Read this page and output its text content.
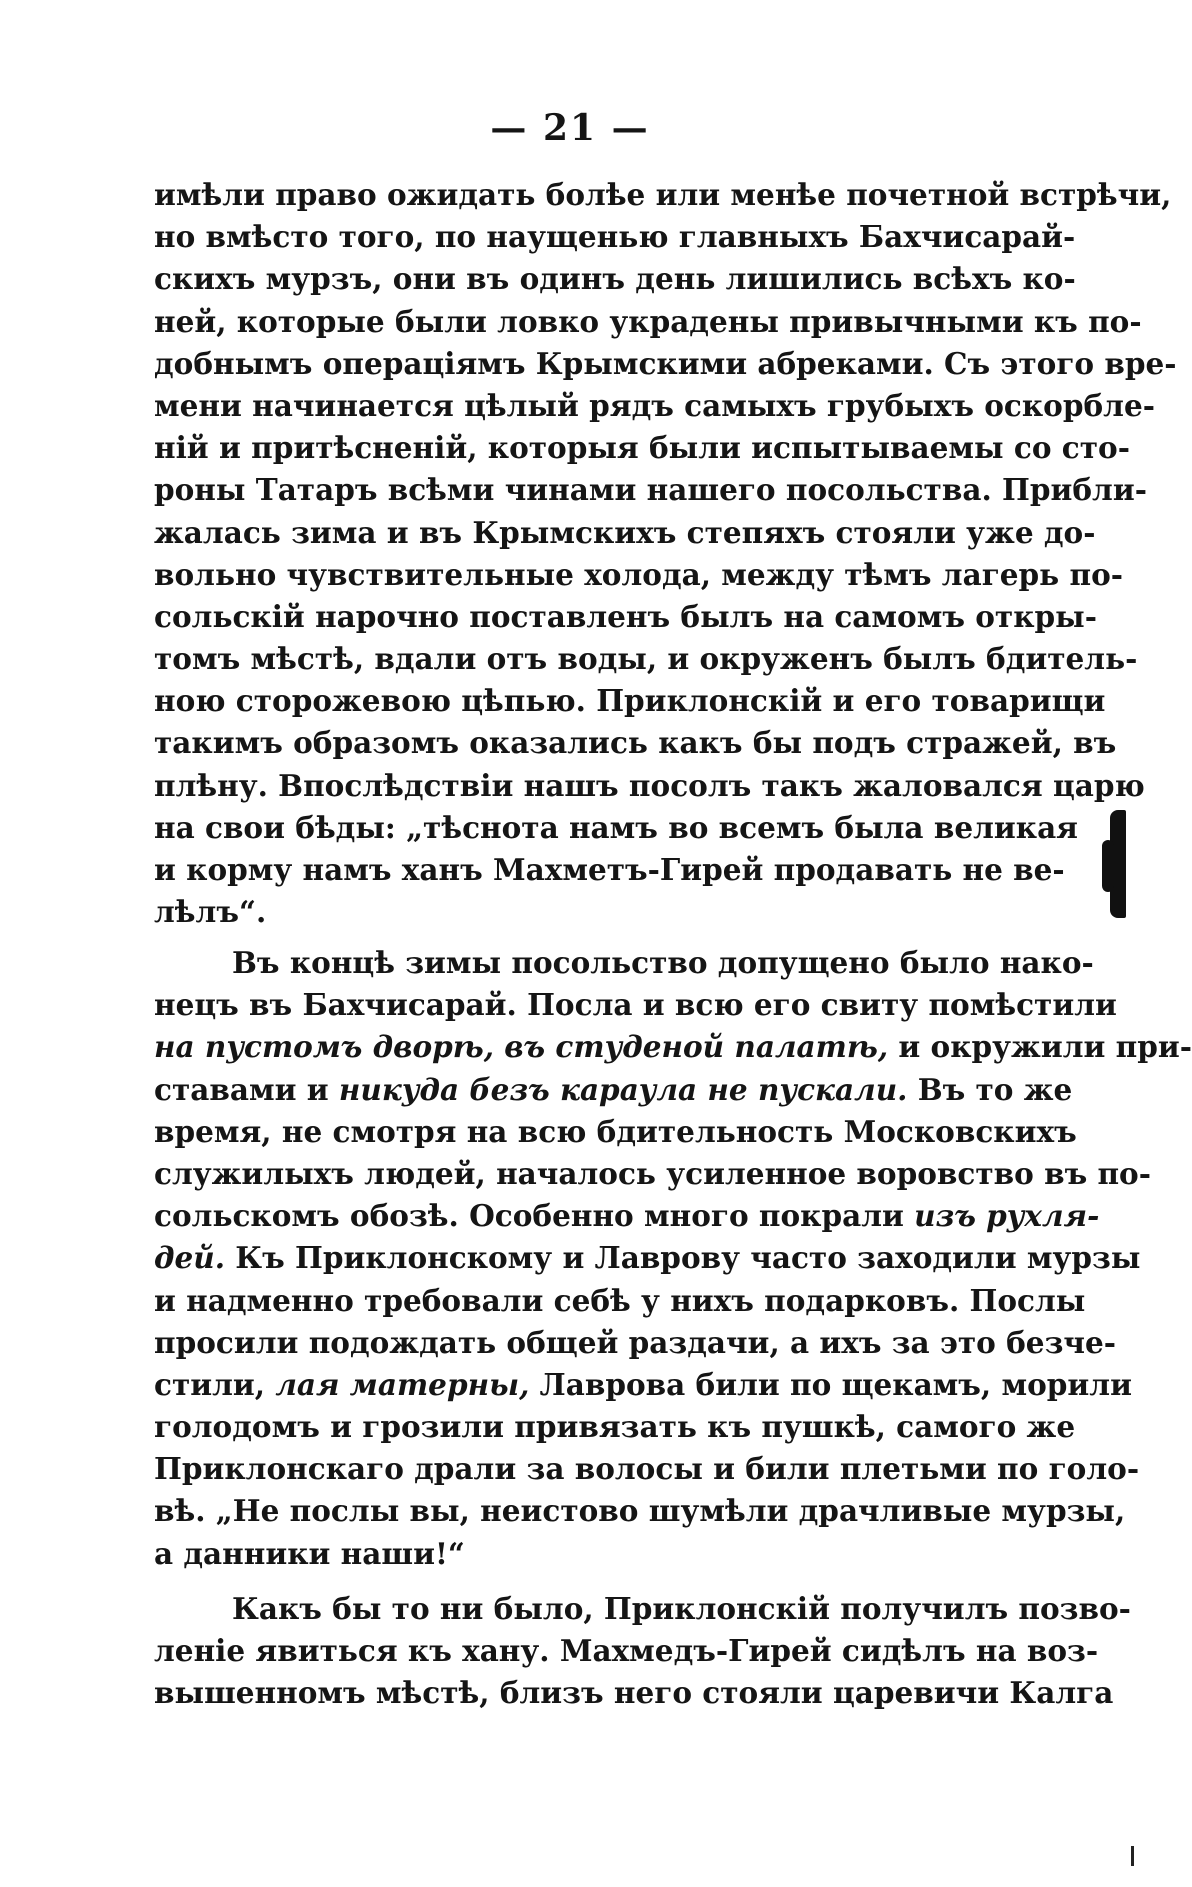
— 21 —
имѣли право ожидать болѣе или менѣе почетной встрѣчи,
но вмѣсто того, по наущенью главныхъ Бахчисарай-
скихъ мурзъ, они въ одинъ день лишились всѣхъ ко-
ней, которые были ловко украдены привычными къ по-
добнымъ операціямъ Крымскими абреками. Съ этого вре-
мени начинается цѣлый рядъ самыхъ грубыхъ оскорбле-
ній и притѣсненій, которыя были испытываемы со сто-
роны Татаръ всѣми чинами нашего посольства. Прибли-
жалась зима и въ Крымскихъ степяхъ стояли уже до-
вольно чувствительные холода, между тѣмъ лагерь по-
сольскій нарочно поставленъ былъ на самомъ откры-
томъ мѣстѣ, вдали отъ воды, и окруженъ былъ бдитель-
ною сторожевою цѣпью. Приклонскій и его товарищи
такимъ образомъ оказались какъ бы подъ стражей, въ
плѣну. Впослѣдствіи нашъ посолъ такъ жаловался царю
на свои бѣды: „тѣснота намъ во всемъ была великая
и корму намъ ханъ Махметъ-Гирей продавать не ве-
лѣлъ“.
Въ концѣ зимы посольство допущено было нако-
нецъ въ Бахчисарай. Посла и всю его свиту помѣстили
на пустомъ дворѣ, въ студеной палатѣ, и окружили при-
ставами и никуда безъ караула не пускали. Въ то же
время, не смотря на всю бдительность Московскихъ
служилыхъ людей, началось усиленное воровство въ по-
сольскомъ обозѣ. Особенно много покрали изъ рухля-
дей. Къ Приклонскому и Лаврову часто заходили мурзы
и надменно требовали себѣ у нихъ подарковъ. Послы
просили подождать общей раздачи, а ихъ за это безче-
стили, лая матерны, Лаврова били по щекамъ, морили
голодомъ и грозили привязать къ пушкѣ, самого же
Приклонскаго драли за волосы и били плетьми по голо-
вѣ. „Не послы вы, неистово шумѣли драчливые мурзы,
а данники наши!“
Какъ бы то ни было, Приклонскій получилъ позво-
леніе явиться къ хану. Махмедъ-Гирей сидѣлъ на воз-
вышенномъ мѣстѣ, близъ него стояли царевичи Калга
